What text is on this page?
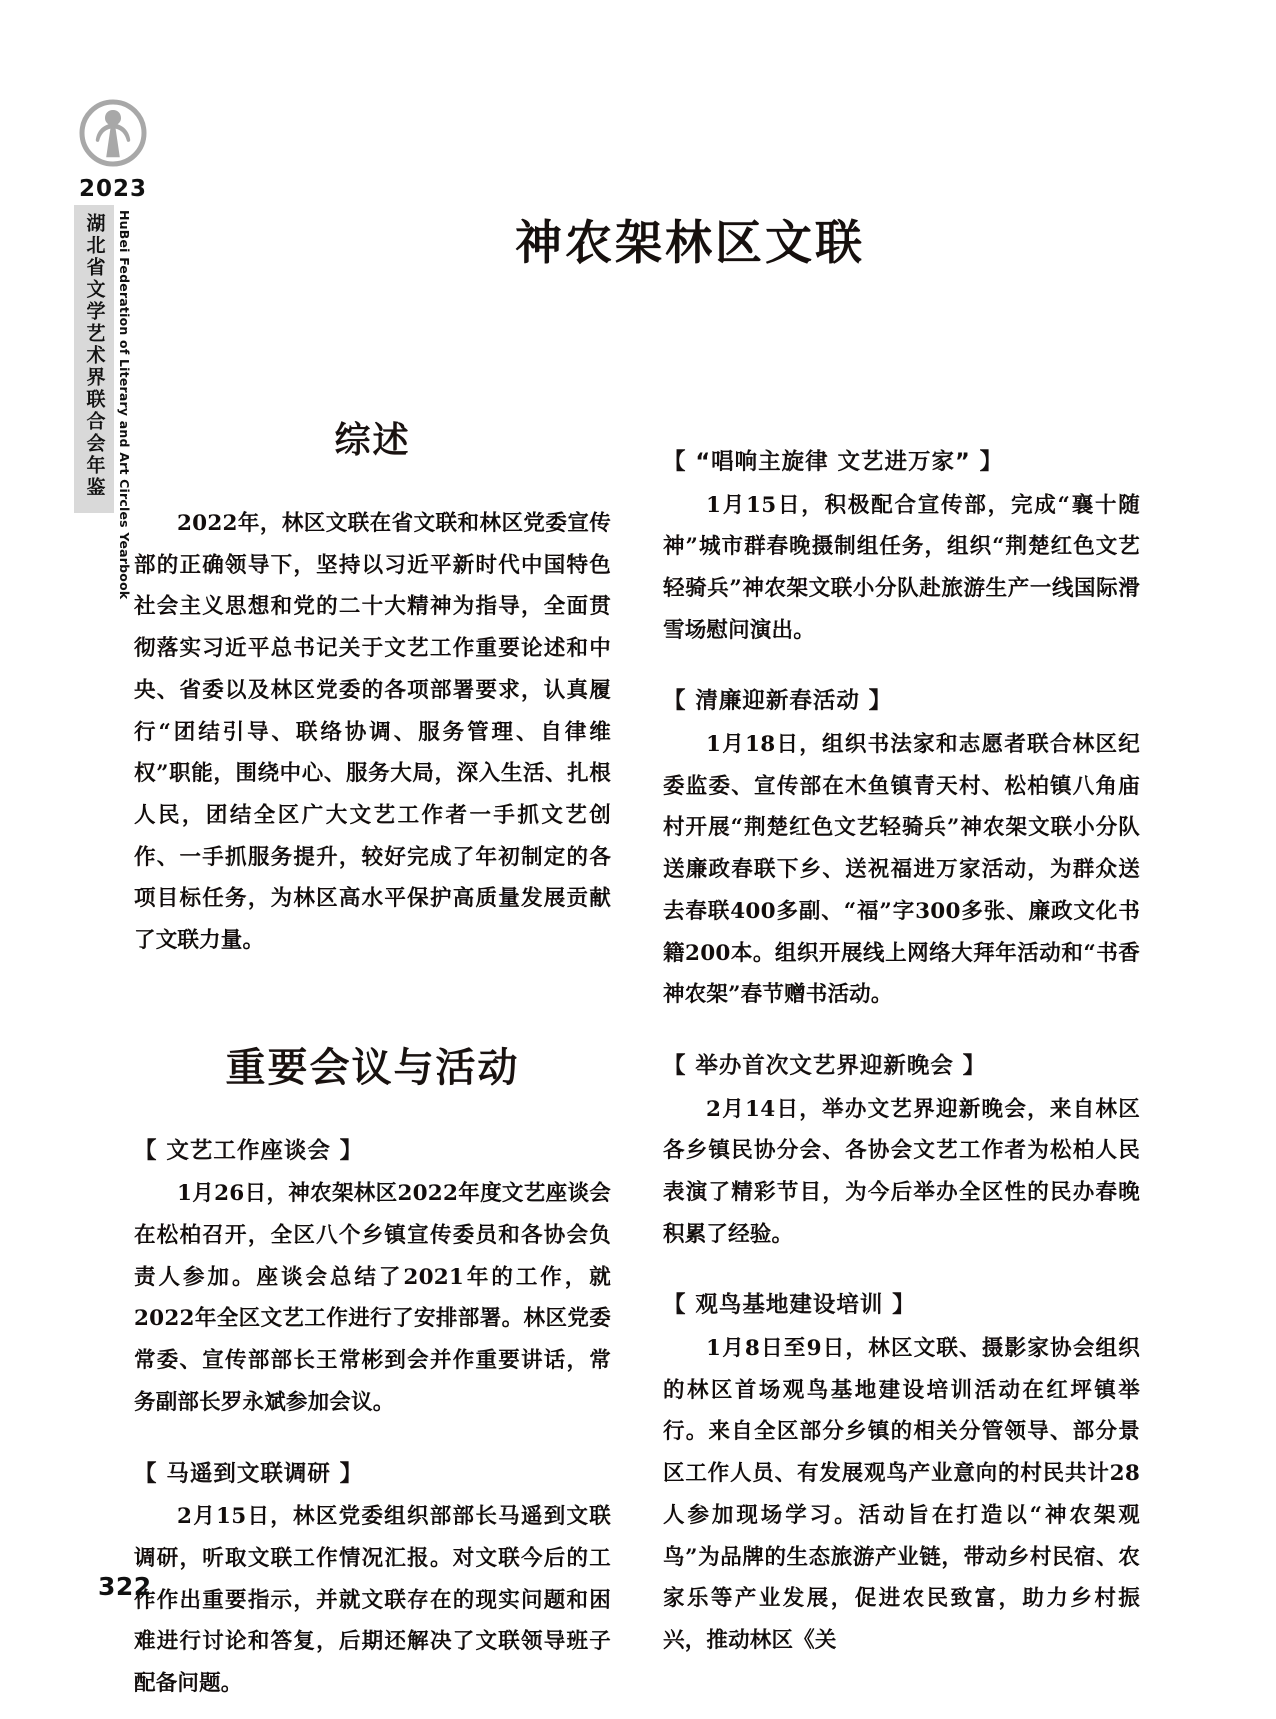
2023
湖北省文学艺术界联合会年鉴 HuBei Federation of Literary and Art Circles Yearbook	神农架林区文联
综述

2022年，林区文联在省文联和林区党委宣传部的正确领导下，坚持以习近平新时代中国特色社会主义思想和党的二十大精神为指导，全面贯彻落实习近平总书记关于文艺工作重要论述和中央、省委以及林区党委的各项部署要求，认真履行“团结引导、联络协调、服务管理、自律维权”职能，围绕中心、服务大局，深入生活、扎根人民，团结全区广大文艺工作者一手抓文艺创作、一手抓服务提升，较好完成了年初制定的各项目标任务，为林区高水平保护高质量发展贡献了文联力量。

重要会议与活动
【 文艺工作座谈会 】

1月26日，神农架林区2022年度文艺座谈会在松柏召开，全区八个乡镇宣传委员和各协会负责人参加。座谈会总结了2021年的工作，就2022年全区文艺工作进行了安排部署。林区党委常委、宣传部部长王常彬到会并作重要讲话，常务副部长罗永斌参加会议。

【 马遥到文联调研 】

2月15日，林区党委组织部部长马遥到文联调研，听取文联工作情况汇报。对文联今后的工作作出重要指示，并就文联存在的现实问题和困难进行讨论和答复，后期还解决了文联领导班子配备问题。

【 “唱响主旋律 文艺进万家” 】

1月15日，积极配合宣传部，完成“襄十随神”城市群春晚摄制组任务，组织“荆楚红色文艺轻骑兵”神农架文联小分队赴旅游生产一线国际滑雪场慰问演出。

【 清廉迎新春活动 】

1月18日，组织书法家和志愿者联合林区纪委监委、宣传部在木鱼镇青天村、松柏镇八角庙村开展“荆楚红色文艺轻骑兵”神农架文联小分队送廉政春联下乡、送祝福进万家活动，为群众送去春联400多副、“福”字300多张、廉政文化书籍200本。组织开展线上网络大拜年活动和“书香神农架”春节赠书活动。

【 举办首次文艺界迎新晚会 】

2月14日，举办文艺界迎新晚会，来自林区各乡镇民协分会、各协会文艺工作者为松柏人民表演了精彩节目，为今后举办全区性的民办春晚积累了经验。

【 观鸟基地建设培训 】

1月8日至9日，林区文联、摄影家协会组织的林区首场观鸟基地建设培训活动在红坪镇举行。来自全区部分乡镇的相关分管领导、部分景区工作人员、有发展观鸟产业意向的村民共计28人参加现场学习。活动旨在打造以“神农架观鸟”为品牌的生态旅游产业链，带动乡村民宿、农家乐等产业发展，促进农民致富，助力乡村振兴，推动林区《关

322
